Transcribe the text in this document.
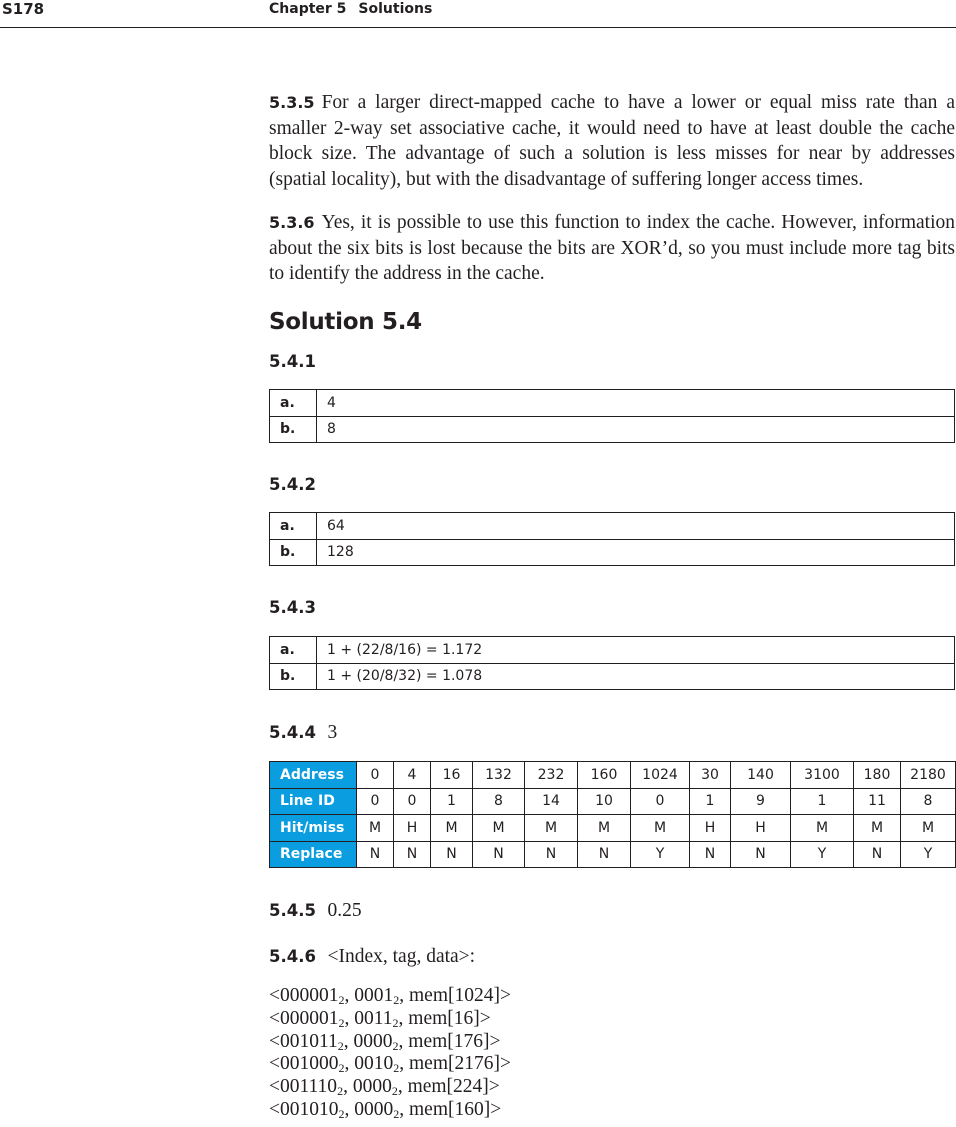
S178	Chapter 5 Solutions

5.3.5 For a larger direct-mapped cache to have a lower or equal miss rate than a smaller 2-way set associative cache, it would need to have at least double the cache block size. The advantage of such a solution is less misses for near by addresses (spatial locality), but with the disadvantage of suffering longer access times.

5.3.6 Yes, it is possible to use this function to index the cache. However, information about the six bits is lost because the bits are XOR’d, so you must include more tag bits to identify the address in the cache.

Solution 5.4
5.4.1
a.	4
b.	8
5.4.2
a.	64
b.	128
5.4.3
a.	1 + (22/8/16) = 1.172
b.	1 + (20/8/32) = 1.078
5.4.4 3
Address	0	4	16	132	232	160	1024	30	140	3100	180	2180
Line ID	0	0	1	8	14	10	0	1	9	1	11	8
Hit/miss	M	H	M	M	M	M	M	H	H	M	M	M
Replace	N	N	N	N	N	N	Y	N	N	Y	N	Y
5.4.5 0.25
5.4.6 <Index, tag, data>:
$<000001_2$, $0001_2$, mem[1024]>
$<000001_2$, $0011_2$, mem[16]>
$<001011_2$, $0000_2$, mem[176]>
$<001000_2$, $0010_2$, mem[2176]>
$<001110_2$, $0000_2$, mem[224]>
$<001010_2$, $0000_2$, mem[160]>
